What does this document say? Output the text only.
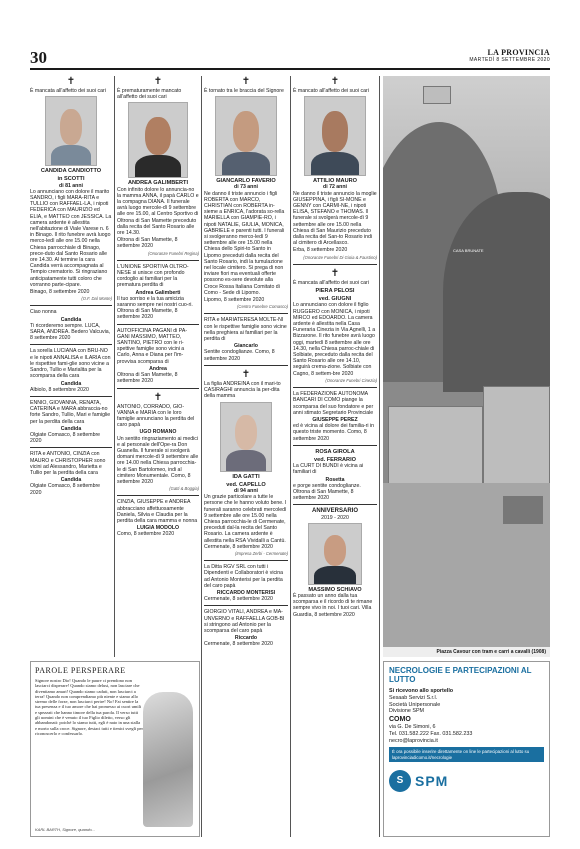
30	LA PROVINCIA
MARTEDÌ 8 SETTEMBRE 2020
✝

È mancata all'affetto dei suoi cari

CANDIDA CANDIOTTO
in SCOTTI
di 81 anni

Lo annunciano con dolore il marito SANDRO, i figli MARA-RITA e TULLIO con RAFFAEL-LA, i nipoti FEDERICA con MAURIZIO ed ELIA, e MATTEO con JESSICA. La camera ardente è allestita nell'abitazione di Viale Varese n. 6 in Binago. Il rito funebre avrà luogo merco-ledì alle ore 15.00 nella Chiesa parrocchiale di Binago, prece-duto dal Santo Rosario alle ore 14.30. Al termine la cara Candida verrà accompagnata al Tempio crematorio. Si ringraziano anticipatamente tutti coloro che vorranno parte-cipare.

Binago, 8 settembre 2020

(O.F. Dal Monte)

Ciao nonna

Candida

Ti ricorderemo sempre. LUCA, SARA, ANDREA. Bedero Valcuvia, 8 settembre 2020

La sorella LUCIANA con BRU-NO e le nipoti ANNALISA e ILARIA con le rispettive fami-glie sono vicine a Sandro, Tullio e Marialita per la scomparsa della cara

Candida

Albiolo, 8 settembre 2020

ENNIO, GIOVANNA, RENATA, CATERINA e MARA abbraccia-no forte Sandro, Tullio, Mari e famiglie per la perdita della cara

Candida

Olgiate Comasco, 8 settembre 2020

RITA e ANTONIO, CINZIA con MAURO e CHRISTOPHER sono vicini ad Alessandro, Marietta e Tullio per la perdita della cara

Candida

Olgiate Comasco, 8 settembre 2020

✝

È prematuramente mancato all'affetto dei suoi cari

ANDREA GALIMBERTI

Con infinito dolore lo annuncia-no la mamma ANNA, il papà CARLO e la compagna DIANA. Il funerale avrà luogo mercole-dì 9 settembre alle ore 15.00, al Centro Sportivo di Oltrona di San Mamette preceduto dalla recita del Santo Rosario alle ore 14.30.

Oltrona di San Mamette, 8 settembre 2020

(Onoranze Funebri Regina)

L'UNIONE SPORTIVA OLTRO-NESE si unisce con profondo cordoglio ai familiari per la prematura perdita di

Andrea Galimberti

Il tuo sorriso e la tua amicizia saranno sempre nei nostri cuo-ri. Oltrona di San Mamette, 8 settembre 2020

AUTOFFICINA PAGANI di PA-GANI MASSIMO, MATTEO, SANTINO, PIETRO con le ri-spettive famiglie sono vicini a Carlo, Anna e Diana per l'im-provvisa scomparsa di

Andrea

Oltrona di San Mamette, 8 settembre 2020

✝

ANTONIO, CORRADO, GIO-VANNA e MARIA con le loro famiglie annunciano la perdita del caro papà

UGO ROMANO

Un sentito ringraziamento ai medici e al personale dell'Ope-ra Don Guanella. Il funerale si svolgerà domani mercole-dì 9 settembre alle ore 14.00 nella Chiesa parrocchia-le di San Bartolomeo, indi al cimitero Monumentale. Como, 8 settembre 2020

(Gatti & Boggia)

CINZIA, GIUSEPPE e ANDREA abbracciano affettuosamente Daniela, Silvia e Claudia per la perdita della cara mamma e nonna

LUIGIA MODOLO

Como, 8 settembre 2020

✝

È tornato tra le braccia del Signore

GIANCARLO FAVERIO
di 73 anni

Ne danno il triste annuncio i figli ROBERTA con MARCO, CHRISTIAN con ROBERTA in-sieme a ENRICA, l'adorata so-rella MARIELLA con GIAMPIE-RO, i nipoti NATALIE, GIULIA, MONICA, GABRIELE e parenti tutti. I funerali si svolgeranno merco-ledì 9 settembre alle ore 15.00 nella Chiesa dello Spiri-to Santo in Lipomo preceduti dalla recita del Santo Rosario, indi la tumulazione nel locale cimitero. Si prega di non inviare fiori ma eventuali offerte possono es-sere devolute alla Croce Rossa Italiana Comitato di Como - Sede di Lipomo.

Lipomo, 8 settembre 2020

(Centro Funebre Comasco)

RITA e MARIATERESA MOLTE-NI con le rispettive famiglie sono vicine nella preghiera ai familiari per la perdita di

Giancarlo

Sentite condoglianze. Como, 8 settembre 2020

✝

La figlia ANDREINA con il mari-to CASIRAGHI annuncia la per-dita della mamma

IDA GATTI
ved. CAPELLO
di 94 anni

Un grazie particolare a tutte le persone che le hanno voluto bene. I funerali saranno celebrati mercoledì 9 settembre alle ore 15.00 nella Chiesa parrocchia-le di Cermenate, preceduti dal-la recita del Santo Rosario. La camera ardente è allestita nella RSA Vividalli a Cantù. Cermenate, 8 settembre 2020

(Impresa Zerbi - Cermenate)

La Ditta RGV SRL con tutti i Dipendenti e Collaboratori è vicina ad Antonio Monterisi per la perdita del caro papà

RICCARDO MONTERISI

Cermenate, 8 settembre 2020

GIORGIO VITALI, ANDREA e MA-UNVERNO e RAFFAELLA GOB-BI si stringono ad Antonio per la scomparsa del caro papà

Riccardo

Cermenate, 8 settembre 2020

✝

È mancato all'affetto dei suoi cari

ATTILIO MAURO
di 72 anni

Ne danno il triste annuncio la moglie GIUSEPPINA, i figli SI-MONE e GENNY con CARMI-NE, i nipoti ELISA, STEFANO e THOMAS. Il funerale si svolgerà mercole-dì 9 settembre alle ore 15.00 nella Chiesa di San Maurizio preceduto dalla recita del San-to Rosario indi al cimitero di Arcellasco.

Erba, 8 settembre 2020

(Onoranze Funebri Di Gioia & Faustino)
✝

È mancata all'affetto dei suoi cari

PIERA PELOSI
ved. GIUGNI

Lo annunciano con dolore il figlio RUGGERO con MONICA, i nipoti MIRCO ed EDOARDO. La camera ardente è allestita nella Casa Funeraria Cinezia in Via Agnelli, 1 a Bizzarone. Il rito funebre avrà luogo oggi, martedì 8 settembre alle ore 14.30, nella Chiesa parroc-chiale di Solbiate, preceduto dalla recita del Santo Rosario alle ore 14.10, seguirà crema-zione. Solbiate con Cagno, 8 settem-bre 2020

(Onoranze Funebri Cinezia)

La FEDERAZIONE AUTONOMA BANCARI DI COMO piange la scomparsa del suo fondatore e per anni stimato Segretario Provinciale

GIUSEPPE PEREZ

ed è vicina al dolore dei familia-ri in questo triste momento. Como, 8 settembre 2020

ROSA GIROLA
ved. FERRARIO

La CURT DI BUNDI è vicina ai familiari di

Rosetta

e porge sentite condoglianze. Oltrona di San Mamette, 8 settembre 2020

ANNIVERSARIO
2019 - 2020
MASSIMO SCHIAVO

È passato un anno dalla tua scomparsa e il ricordo di te rimane sempre vivo in noi. I tuoi cari. Villa Guardia, 8 settembre 2020

CASA BRUNATE
Piazza Cavour con tram e carri a cavalli (1908)
PAROLE PERSPERARE
Signore nostro Dio! Quando le paure ci prendono non lasciarci disperare! Quando siamo delusi, non lasciare che diventiamo amari! Quando siamo caduti, non lasciarci a terra! Quando non comprendiamo più niente e siamo allo stremo delle forze, non lasciarci perire! No! Fai sentire la tua presenza e il tuo amore che hai promesso ai cuori umili e spezzati che hanno timore della tua parola. Il verso tutti gli uomini che è venuto il tuo Figlio diletto, verso gli abbandonati: poiché lo siamo tutti, egli è nato in una stalla e morto sulla croce. Signore, destaci tutti e tienici svegli per riconoscerlo e confessarlo.
KARL BARTH, Signore, quando...
NECROLOGIE E PARTECIPAZIONI AL LUTTO
Si ricevono allo sportello
Sesaab Servizi S.r.l.
Società Unipersonale
Divisione SPM
COMO
via G. De Simoni, 6
Tel. 031.582.222 Fax. 031.582.233
necro@laprovincia.it
È ora possibile inserire direttamente on line le partecipazioni al lutto su laprovinciadicomo.it/necrologie
S SPM
